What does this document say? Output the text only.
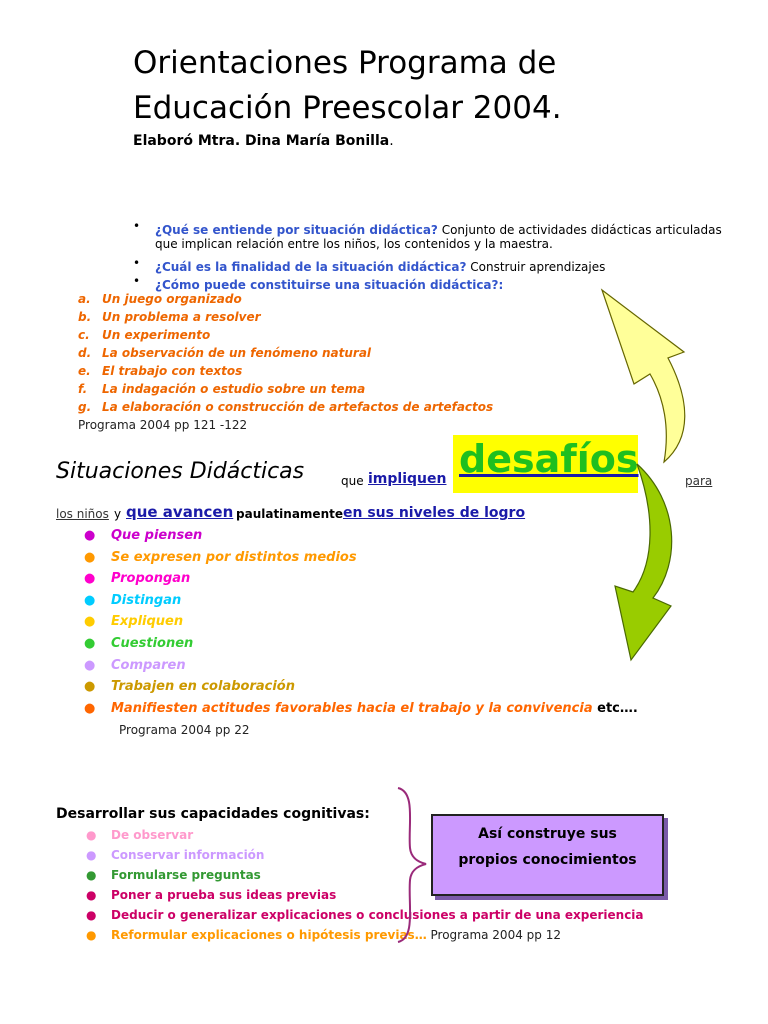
Orientaciones Programa de
Educación Preescolar 2004.
Elaboró Mtra. Dina María Bonilla.
• ¿Qué se entiende por situación didáctica? Conjunto de actividades didácticas articuladas
que implican relación entre los niños, los contenidos y la maestra.
• ¿Cuál es la finalidad de la situación didáctica? Construir aprendizajes
• ¿Cómo puede constituirse una situación didáctica?:
a. Un juego organizado
b. Un problema a resolver
c. Un experimento
d. La observación de un fenómeno natural
e. El trabajo con textos
f. La indagación o estudio sobre un tema
g. La elaboración o construcción de artefactos de artefactos
Programa 2004 pp 121 -122
Situaciones Didácticas	que impliquen desafíos	para
los niños y que avancen paulatinamente en sus niveles de logro
● Que piensen
● Se expresen por distintos medios
● Propongan
● Distingan
● Expliquen
● Cuestionen
● Comparen
● Trabajen en colaboración
● Manifiesten actitudes favorables hacia el trabajo y la convivencia etc….
Programa 2004 pp 22
Desarrollar sus capacidades cognitivas:
● De observar
● Conservar información
● Formularse preguntas
● Poner a prueba sus ideas previas
● Deducir o generalizar explicaciones o conclusiones a partir de una experiencia
● Reformular explicaciones o hipótesis previas… Programa 2004 pp 12
Así construye sus
propios conocimientos
